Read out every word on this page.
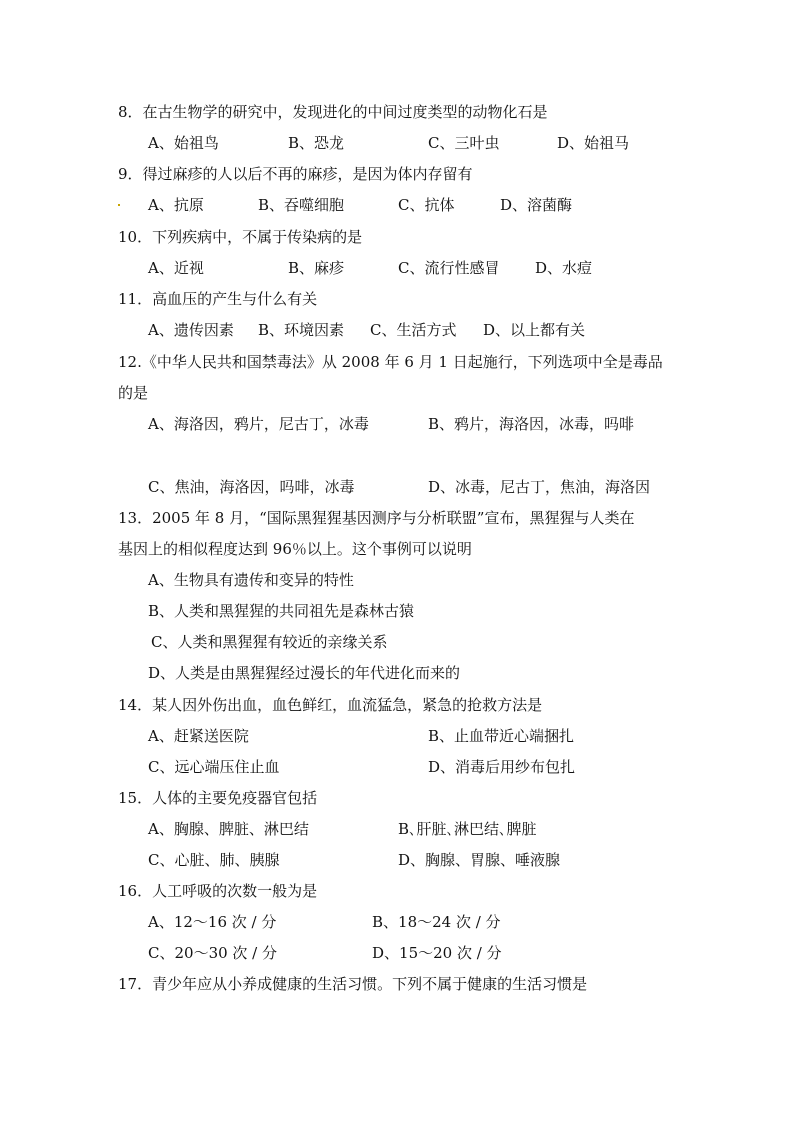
8．在古生物学的研究中，发现进化的中间过度类型的动物化石是
A、始祖鸟	B、恐龙	C、三叶虫	D、始祖马
9．得过麻疹的人以后不再的麻疹，是因为体内存留有
A、抗原	B、吞噬细胞	C、抗体	D、溶菌酶
10．下列疾病中，不属于传染病的是
A、近视	B、麻疹	C、流行性感冒 D、水痘
11．高血压的产生与什么有关
A、遗传因素 B、环境因素 C、生活方式 D、以上都有关
12.《中华人民共和国禁毒法》从 2008 年 6 月 1 日起施行，下列选项中全是毒品
的是
A、海洛因，鸦片，尼古丁，冰毒	B、鸦片，海洛因，冰毒，吗啡
C、焦油，海洛因，吗啡，冰毒	D、冰毒，尼古丁，焦油，海洛因
13．2005 年 8 月，“国际黑猩猩基因测序与分析联盟”宣布，黑猩猩与人类在
基因上的相似程度达到 96％以上。这个事例可以说明
A、生物具有遗传和变异的特性
B、人类和黑猩猩的共同祖先是森林古猿
C、人类和黑猩猩有较近的亲缘关系
D、人类是由黑猩猩经过漫长的年代进化而来的
14．某人因外伤出血，血色鲜红，血流猛急，紧急的抢救方法是
A、赶紧送医院	B、止血带近心端捆扎
C、远心端压住止血	D、消毒后用纱布包扎
15．人体的主要免疫器官包括
A、胸腺、脾脏、淋巴结	B､肝脏､淋巴结､脾脏
C、心脏、肺、胰腺	D、胸腺、胃腺、唾液腺
16．人工呼吸的次数一般为是
A、12～16 次 / 分	B、18～24 次 / 分
C、20～30 次 / 分	D、15～20 次 / 分
17．青少年应从小养成健康的生活习惯。下列不属于健康的生活习惯是
